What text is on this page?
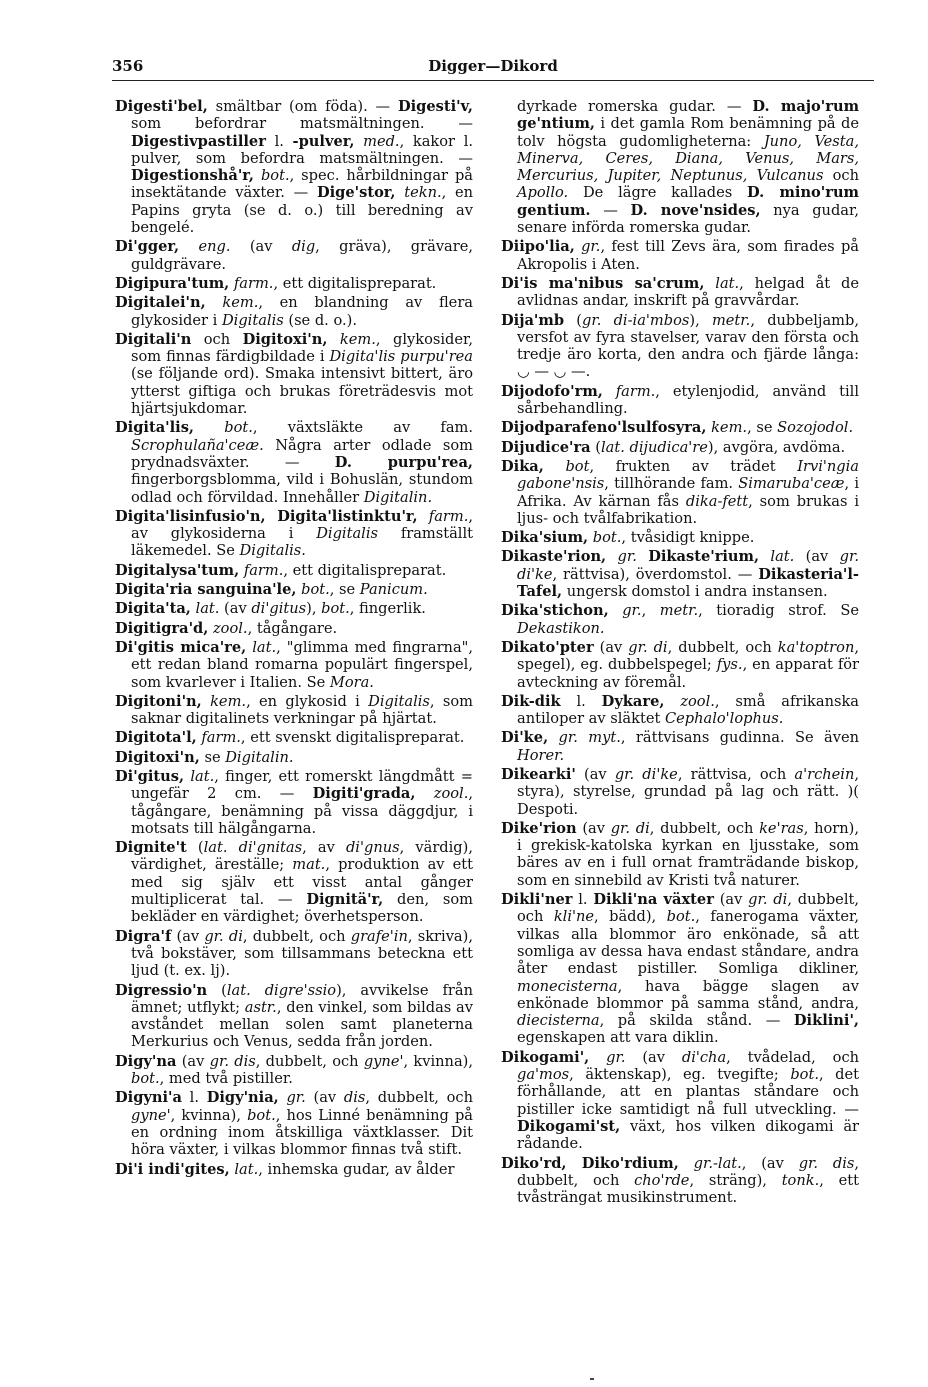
356	Digger—Dikord

Digesti'bel, smältbar (om föda). — Digesti'v, som befordrar matsmältningen. — Digestivpastiller l. -pulver, med., kakor l. pulver, som befordra matsmältningen. — Digestionshå'r, bot., spec. hårbildningar på insektätande växter. — Dige'stor, tekn., en Papins gryta (se d. o.) till beredning av bengelé.

Di'gger, eng. (av dig, gräva), grävare, guldgrävare.

Digipura'tum, farm., ett digitalispreparat.

Digitalei'n, kem., en blandning av flera glykosider i Digitalis (se d. o.).

Digitali'n och Digitoxi'n, kem., glykosider, som finnas färdigbildade i Digita'lis purpu'rea (se följande ord). Smaka intensivt bittert, äro ytterst giftiga och brukas företrädesvis mot hjärtsjukdomar.

Digita'lis, bot., växtsläkte av fam. Scrophulaña'ceæ. Några arter odlade som prydnadsväxter. — D. purpu'rea, fingerborgsblomma, vild i Bohuslän, stundom odlad och förvildad. Innehåller Digitalin.

Digita'lisinfusio'n, Digita'listinktu'r, farm., av glykosiderna i Digitalis framställt läkemedel. Se Digitalis.

Digitalysa'tum, farm., ett digitalispreparat.

Digita'ria sanguina'le, bot., se Panicum.

Digita'ta, lat. (av di'gitus), bot., fingerlik.

Digitigra'd, zool., tågångare.

Di'gitis mica're, lat., "glimma med fingrarna", ett redan bland romarna populärt fingerspel, som kvarlever i Italien. Se Mora.

Digitoni'n, kem., en glykosid i Digitalis, som saknar digitalinets verkningar på hjärtat.

Digitota'l, farm., ett svenskt digitalispreparat.

Digitoxi'n, se Digitalin.

Di'gitus, lat., finger, ett romerskt längdmått = ungefär 2 cm. — Digiti'grada, zool., tågångare, benämning på vissa däggdjur, i motsats till hälgångarna.

Dignite't (lat. di'gnitas, av di'gnus, värdig), värdighet, äreställe; mat., produktion av ett med sig själv ett visst antal gånger multiplicerat tal. — Dignitä'r, den, som bekläder en värdighet; överhetsperson.

Digra'f (av gr. di, dubbelt, och grafe'in, skriva), två bokstäver, som tillsammans beteckna ett ljud (t. ex. lj).

Digressio'n (lat. digre'ssio), avvikelse från ämnet; utflykt; astr., den vinkel, som bildas av avståndet mellan solen samt planeterna Merkurius och Venus, sedda från jorden.

Digy'na (av gr. dis, dubbelt, och gyne', kvinna), bot., med två pistiller.

Digyni'a l. Digy'nia, gr. (av dis, dubbelt, och gyne', kvinna), bot., hos Linné benämning på en ordning inom åtskilliga växtklasser. Dit höra växter, i vilkas blommor finnas två stift.

Di'i indi'gites, lat., inhemska gudar, av ålder

dyrkade romerska gudar. — D. majo'rum ge'ntium, i det gamla Rom benämning på de tolv högsta gudomligheterna: Juno, Vesta, Minerva, Ceres, Diana, Venus, Mars, Mercurius, Jupiter, Neptunus, Vulcanus och Apollo. De lägre kallades D. mino'rum gentium. — D. nove'nsides, nya gudar, senare införda romerska gudar.

Diipo'lia, gr., fest till Zevs ära, som firades på Akropolis i Aten.

Di'is ma'nibus sa'crum, lat., helgad åt de avlidnas andar, inskrift på gravvårdar.

Dija'mb (gr. di-ia'mbos), metr., dubbeljamb, versfot av fyra stavelser, varav den första och tredje äro korta, den andra och fjärde långa: ◡ — ◡ —.

Dijodofo'rm, farm., etylenjodid, använd till sårbehandling.

Dijodparafeno'lsulfosyra, kem., se Sozojodol.

Dijudice'ra (lat. dijudica're), avgöra, avdöma.

Dika, bot, frukten av trädet Irvi'ngia gabone'nsis, tillhörande fam. Simaruba'ceæ, i Afrika. Av kärnan fås dika-fett, som brukas i ljus- och tvålfabrikation.

Dika'sium, bot., tvåsidigt knippe.

Dikaste'rion, gr. Dikaste'rium, lat. (av gr. di'ke, rättvisa), överdomstol. — Dikasteria'l-Tafel, ungersk domstol i andra instansen.

Dika'stichon, gr., metr., tioradig strof. Se Dekastikon.

Dikato'pter (av gr. di, dubbelt, och ka'toptron, spegel), eg. dubbelspegel; fys., en apparat för avteckning av föremål.

Dik-dik l. Dykare, zool., små afrikanska antiloper av släktet Cephalo'lophus.

Di'ke, gr. myt., rättvisans gudinna. Se även Horer.

Dikearki' (av gr. di'ke, rättvisa, och a'rchein, styra), styrelse, grundad på lag och rätt. )( Despoti.

Dike'rion (av gr. di, dubbelt, och ke'ras, horn), i grekisk-katolska kyrkan en ljusstake, som bäres av en i full ornat framträdande biskop, som en sinnebild av Kristi två naturer.

Dikli'ner l. Dikli'na växter (av gr. di, dubbelt, och kli'ne, bädd), bot., fanerogama växter, vilkas alla blommor äro enkönade, så att somliga av dessa hava endast ståndare, andra åter endast pistiller. Somliga dikliner, monecisterna, hava bägge slagen av enkönade blommor på samma stånd, andra, diecisterna, på skilda stånd. — Diklini', egenskapen att vara diklin.

Dikogami', gr. (av di'cha, tvådelad, och ga'mos, äktenskap), eg. tvegifte; bot., det förhållande, att en plantas ståndare och pistiller icke samtidigt nå full utveckling. — Dikogami'st, växt, hos vilken dikogami är rådande.

Diko'rd, Diko'rdium, gr.-lat., (av gr. dis, dubbelt, och cho'rde, sträng), tonk., ett tvåsträngat musikinstrument.
